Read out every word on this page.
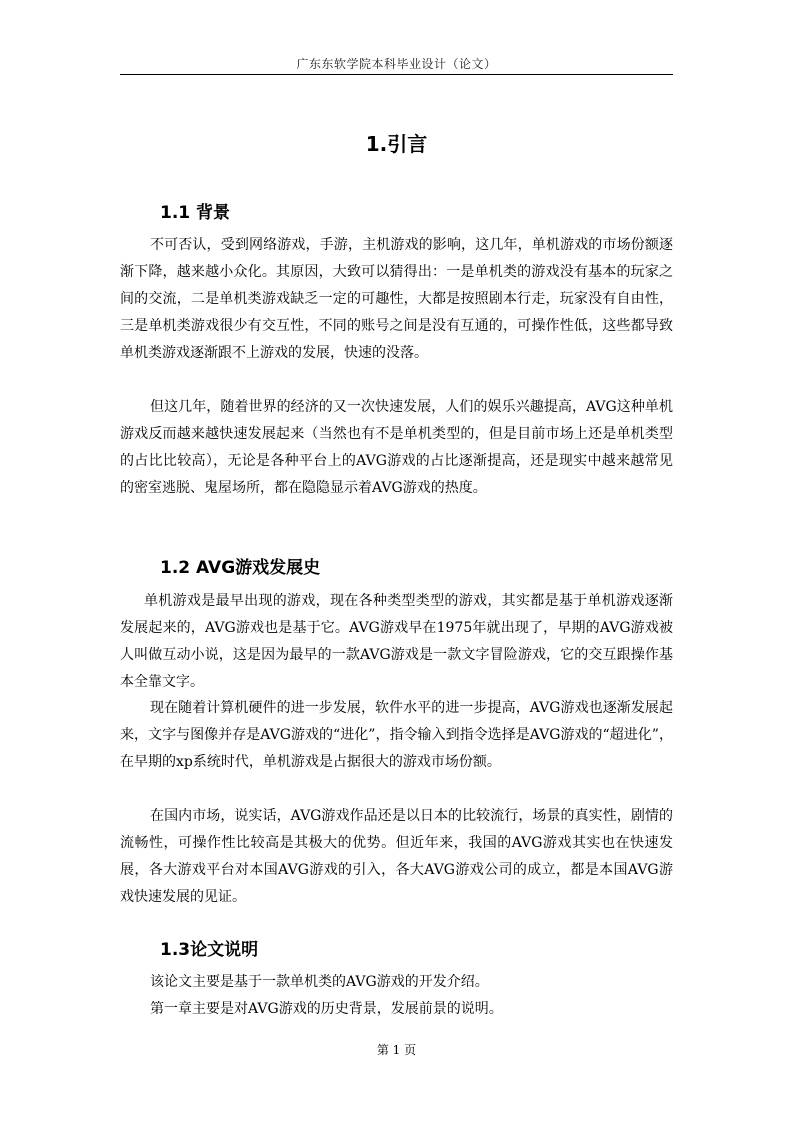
广东东软学院本科毕业设计（论文）
1.引言
1.1 背景
不可否认，受到网络游戏，手游，主机游戏的影响，这几年，单机游戏的市场份额逐渐下降，越来越小众化。其原因，大致可以猜得出：一是单机类的游戏没有基本的玩家之间的交流，二是单机类游戏缺乏一定的可趣性，大都是按照剧本行走，玩家没有自由性，三是单机类游戏很少有交互性，不同的账号之间是没有互通的，可操作性低，这些都导致单机类游戏逐渐跟不上游戏的发展，快速的没落。
但这几年，随着世界的经济的又一次快速发展，人们的娱乐兴趣提高，AVG这种单机游戏反而越来越快速发展起来（当然也有不是单机类型的，但是目前市场上还是单机类型的占比比较高），无论是各种平台上的AVG游戏的占比逐渐提高，还是现实中越来越常见的密室逃脱、鬼屋场所，都在隐隐显示着AVG游戏的热度。
1.2 AVG游戏发展史
单机游戏是最早出现的游戏，现在各种类型类型的游戏，其实都是基于单机游戏逐渐发展起来的，AVG游戏也是基于它。AVG游戏早在1975年就出现了，早期的AVG游戏被人叫做互动小说，这是因为最早的一款AVG游戏是一款文字冒险游戏，它的交互跟操作基本全靠文字。
现在随着计算机硬件的进一步发展，软件水平的进一步提高，AVG游戏也逐渐发展起来，文字与图像并存是AVG游戏的“进化”，指令输入到指令选择是AVG游戏的“超进化”，在早期的xp系统时代，单机游戏是占据很大的游戏市场份额。
在国内市场，说实话，AVG游戏作品还是以日本的比较流行，场景的真实性，剧情的流畅性，可操作性比较高是其极大的优势。但近年来，我国的AVG游戏其实也在快速发展，各大游戏平台对本国AVG游戏的引入，各大AVG游戏公司的成立，都是本国AVG游戏快速发展的见证。
1.3论文说明
该论文主要是基于一款单机类的AVG游戏的开发介绍。
第一章主要是对AVG游戏的历史背景，发展前景的说明。
第 1 页
